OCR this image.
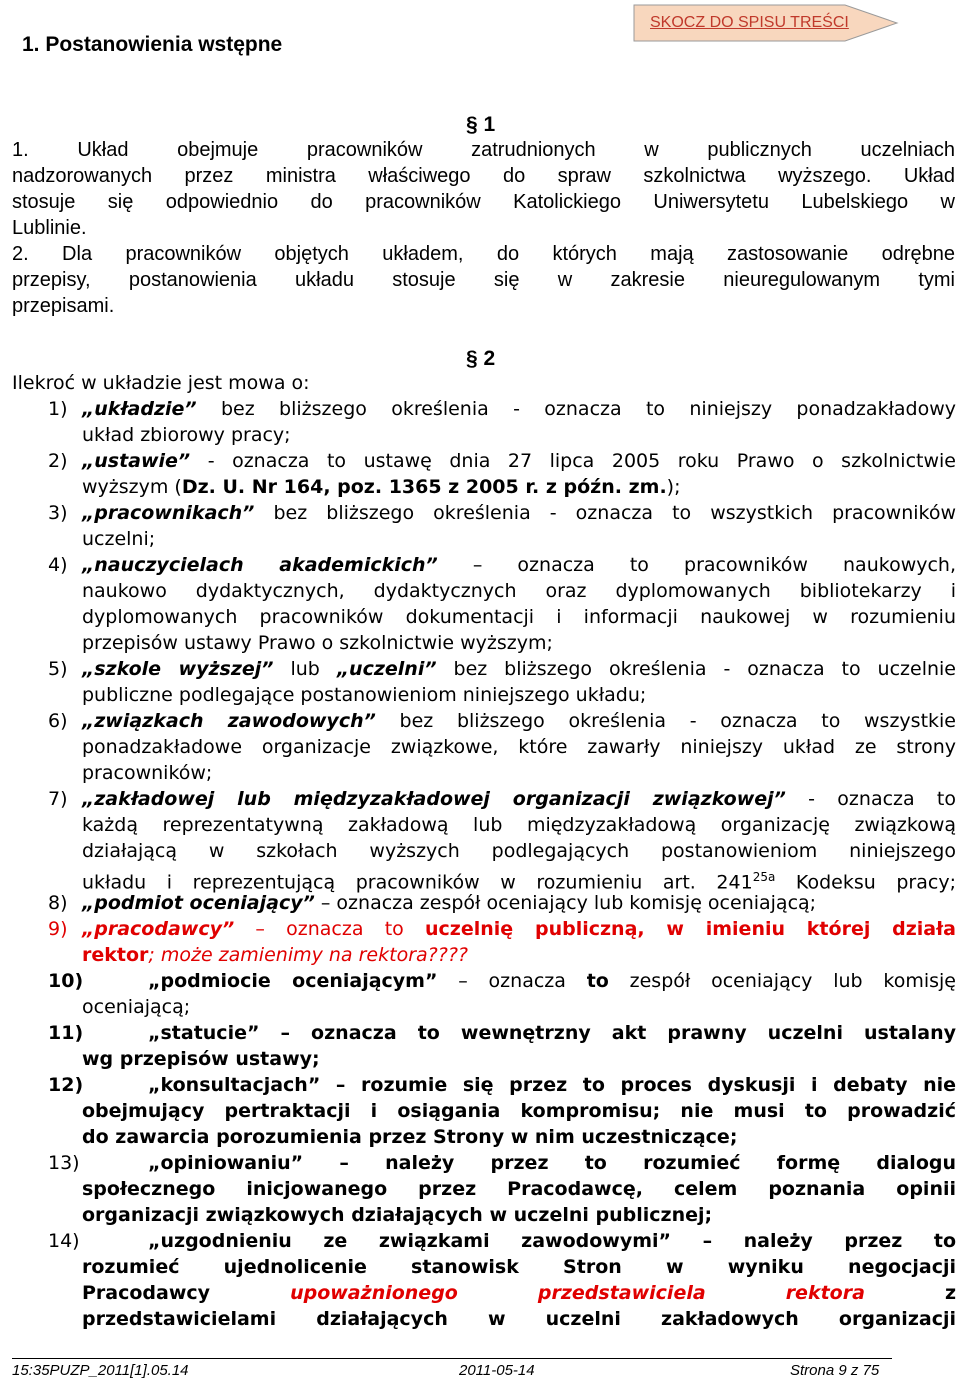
1. Postanowienia wstępne
SKOCZ DO SPISU TREŚCI
§ 1
1. Układ obejmuje pracowników zatrudnionych w publicznych uczelniach
nadzorowanych przez ministra właściwego do spraw szkolnictwa wyższego. Układ
stosuje się odpowiednio do pracowników Katolickiego Uniwersytetu Lubelskiego w
Lublinie.
2. Dla pracowników objętych układem, do których mają zastosowanie odrębne
przepisy, postanowienia układu stosuje się w zakresie nieuregulowanym tymi
przepisami.
§ 2
Ilekroć w układzie jest mowa o:
1) „układzie” bez bliższego określenia - oznacza to niniejszy ponadzakładowy
układ zbiorowy pracy;
2) „ustawie” - oznacza to ustawę dnia 27 lipca 2005 roku Prawo o szkolnictwie
wyższym (Dz. U. Nr 164, poz. 1365 z 2005 r. z późn. zm.);
3) „pracownikach” bez bliższego określenia - oznacza to wszystkich pracowników
uczelni;
4) „nauczycielach akademickich” – oznacza to pracowników naukowych,
naukowo dydaktycznych, dydaktycznych oraz dyplomowanych bibliotekarzy i
dyplomowanych pracowników dokumentacji i informacji naukowej w rozumieniu
przepisów ustawy Prawo o szkolnictwie wyższym;
5) „szkole wyższej” lub „uczelni” bez bliższego określenia - oznacza to uczelnie
publiczne podlegające postanowieniom niniejszego układu;
6) „związkach zawodowych” bez bliższego określenia - oznacza to wszystkie
ponadzakładowe organizacje związkowe, które zawarły niniejszy układ ze strony
pracowników;
7) „zakładowej lub międzyzakładowej organizacji związkowej” - oznacza to
każdą reprezentatywną zakładową lub międzyzakładową organizację związkową
działającą w szkołach wyższych podlegających postanowieniom niniejszego
układu i reprezentującą pracowników w rozumieniu art. $241^{25a}$ Kodeksu pracy;
8) „podmiot oceniający” – oznacza zespół oceniający lub komisję oceniającą;
9) „pracodawcy” – oznacza to uczelnię publiczną, w imieniu której działa
rektor; może zamienimy na rektora????
10)	„podmiocie oceniającym” – oznacza to zespół oceniający lub komisję
oceniającą;
11)	„statucie” – oznacza to wewnętrzny akt prawny uczelni ustalany
wg przepisów ustawy;
12)	„konsultacjach” – rozumie się przez to proces dyskusji i debaty nie
obejmujący pertraktacji i osiągania kompromisu; nie musi to prowadzić
do zawarcia porozumienia przez Strony w nim uczestniczące;
13)	„opiniowaniu” – należy przez to rozumieć formę dialogu
społecznego inicjowanego przez Pracodawcę, celem poznania opinii
organizacji związkowych działających w uczelni publicznej;
14)	„uzgodnieniu ze związkami zawodowymi” – należy przez to
rozumieć ujednolicenie stanowisk Stron w wyniku negocjacji
Pracodawcy upoważnionego	przedstawiciela	rektora	z
przedstawicielami działających w uczelni zakładowych organizacji
15:35PUZP_2011[1].05.14	2011-05-14	Strona 9 z 75
